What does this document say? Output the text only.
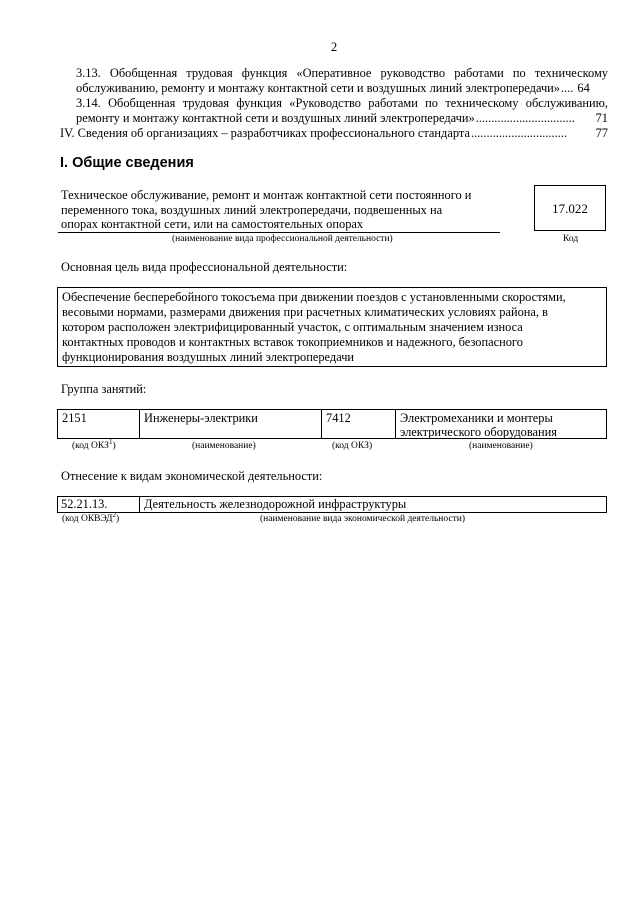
2
3.13. Обобщенная трудовая функция «Оперативное руководство работами по техническому
обслуживанию, ремонту и монтажу контактной сети и воздушных линий электропередачи» .... 64
3.14. Обобщенная трудовая функция «Руководство работами по техническому обслуживанию,
ремонту и монтажу контактной сети и воздушных линий электропередачи» ................................	71
IV. Сведения об организациях – разработчиках профессионального стандарта ...............................	77
I. Общие сведения
Техническое обслуживание, ремонт и монтаж контактной сети постоянного и
переменного тока, воздушных линий электропередачи, подвешенных на
опорах контактной сети, или на самостоятельных опорах
(наименование вида профессиональной деятельности)
17.022
Код
Основная цель вида профессиональной деятельности:
Обеспечение бесперебойного токосъема при движении поездов с установленными скоростями,
весовыми нормами, размерами движения при расчетных климатических условиях района, в
котором расположен электрифицированный участок, с оптимальным значением износа
контактных проводов и контактных вставок токоприемников и надежного, безопасного
функционирования воздушных линий электропередачи
Группа занятий:
2151	Инженеры-электрики	7412	Электромеханики и монтеры
электрического оборудования
(код ОКЗ$^1$)	(наименование)	(код ОКЗ)	(наименование)
Отнесение к видам экономической деятельности:
52.21.13.	Деятельность железнодорожной инфраструктуры
(код ОКВЭД$^2$)	(наименование вида экономической деятельности)
